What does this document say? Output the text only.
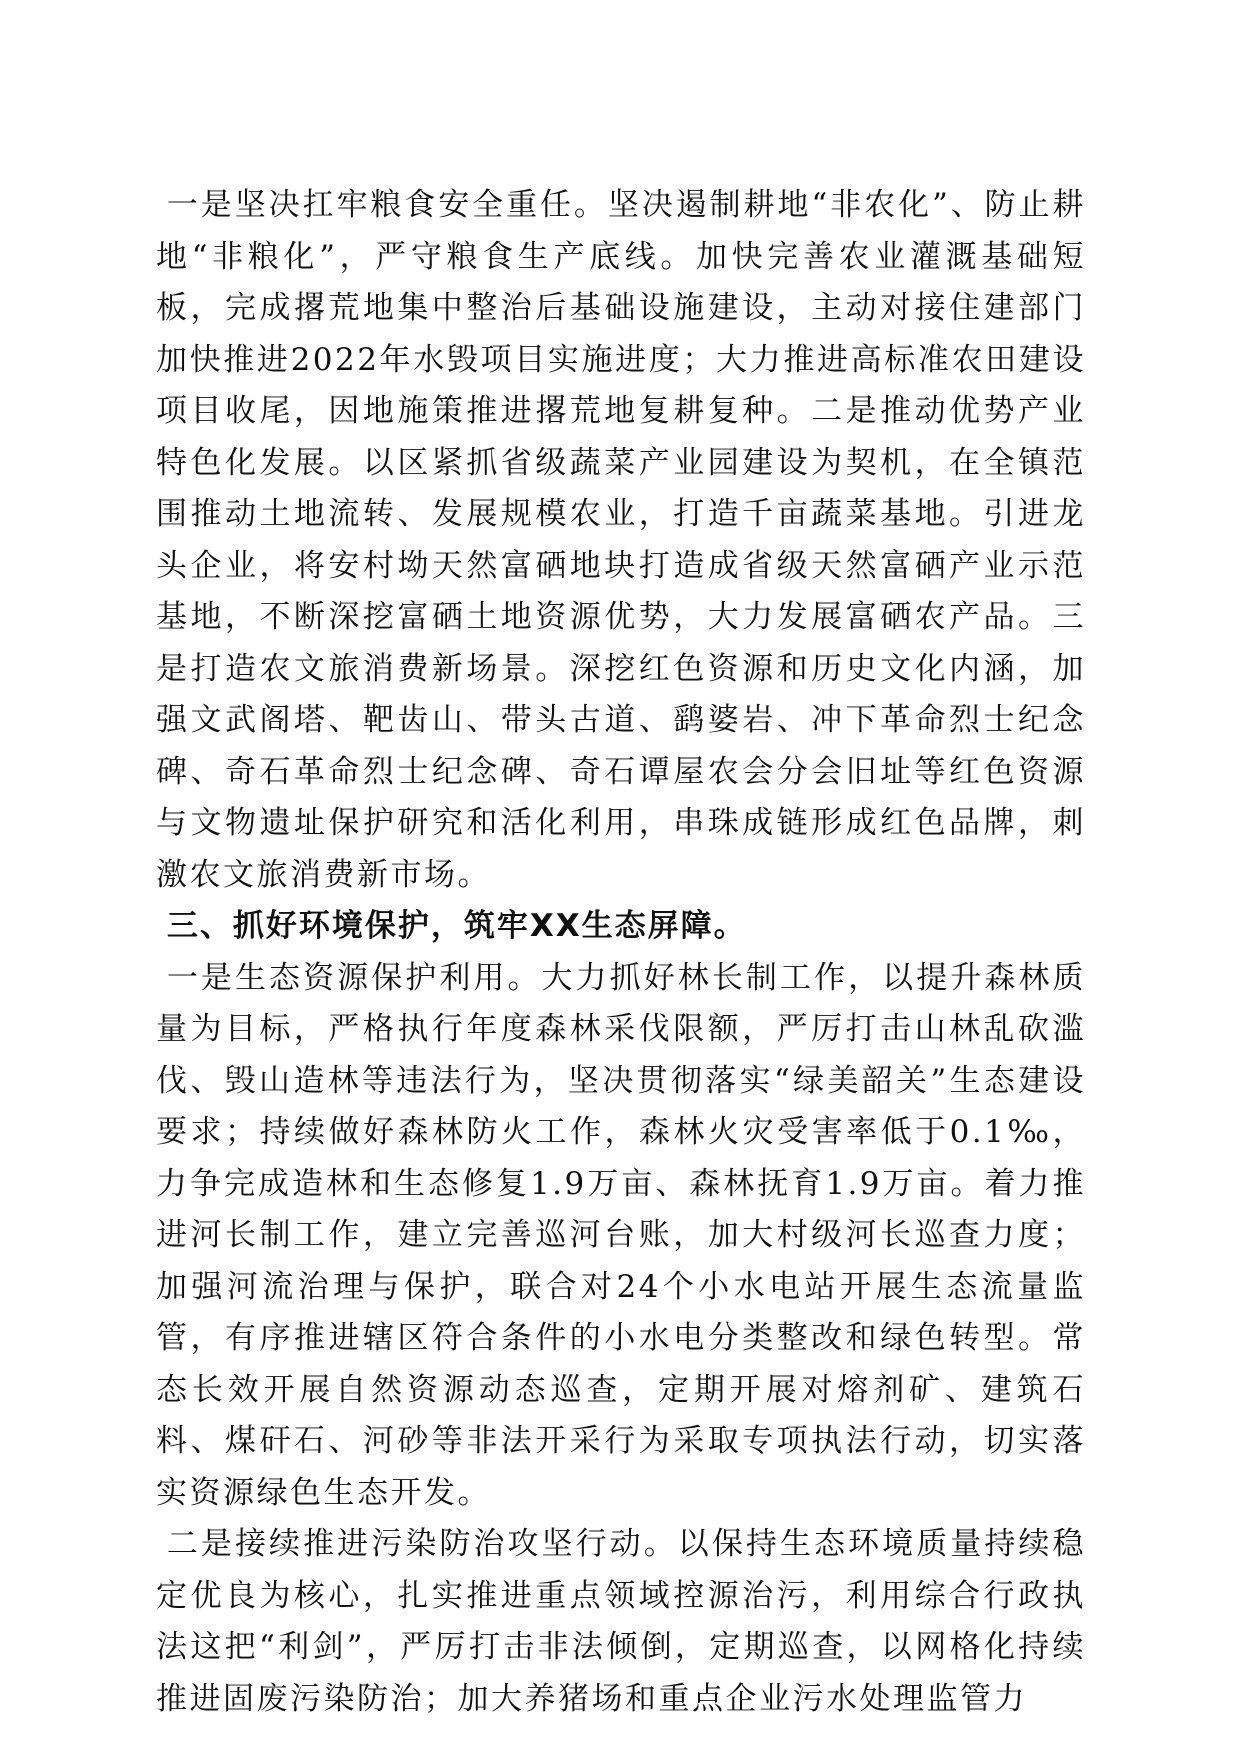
一是坚决扛牢粮食安全重任。坚决遏制耕地“非农化”、防止耕地“非粮化”，严守粮食生产底线。加快完善农业灌溉基础短板，完成撂荒地集中整治后基础设施建设，主动对接住建部门加快推进2022年水毁项目实施进度；大力推进高标准农田建设项目收尾，因地施策推进撂荒地复耕复种。二是推动优势产业特色化发展。以区紧抓省级蔬菜产业园建设为契机，在全镇范围推动土地流转、发展规模农业，打造千亩蔬菜基地。引进龙头企业，将安村坳天然富硒地块打造成省级天然富硒产业示范基地，不断深挖富硒土地资源优势，大力发展富硒农产品。三是打造农文旅消费新场景。深挖红色资源和历史文化内涵，加强文武阁塔、靶齿山、带头古道、鹞婆岩、冲下革命烈士纪念碑、奇石革命烈士纪念碑、奇石谭屋农会分会旧址等红色资源与文物遗址保护研究和活化利用，串珠成链形成红色品牌，刺激农文旅消费新市场。

三、抓好环境保护，筑牢XX生态屏障。

一是生态资源保护利用。大力抓好林长制工作，以提升森林质量为目标，严格执行年度森林采伐限额，严厉打击山林乱砍滥伐、毁山造林等违法行为，坚决贯彻落实“绿美韶关”生态建设要求；持续做好森林防火工作，森林火灾受害率低于0.1‰，力争完成造林和生态修复1.9万亩、森林抚育1.9万亩。着力推进河长制工作，建立完善巡河台账，加大村级河长巡查力度；加强河流治理与保护，联合对24个小水电站开展生态流量监管，有序推进辖区符合条件的小水电分类整改和绿色转型。常态长效开展自然资源动态巡查，定期开展对熔剂矿、建筑石料、煤矸石、河砂等非法开采行为采取专项执法行动，切实落实资源绿色生态开发。

二是接续推进污染防治攻坚行动。以保持生态环境质量持续稳定优良为核心，扎实推进重点领域控源治污，利用综合行政执法这把“利剑”，严厉打击非法倾倒，定期巡查，以网格化持续推进固废污染防治；加大养猪场和重点企业污水处理监管力
